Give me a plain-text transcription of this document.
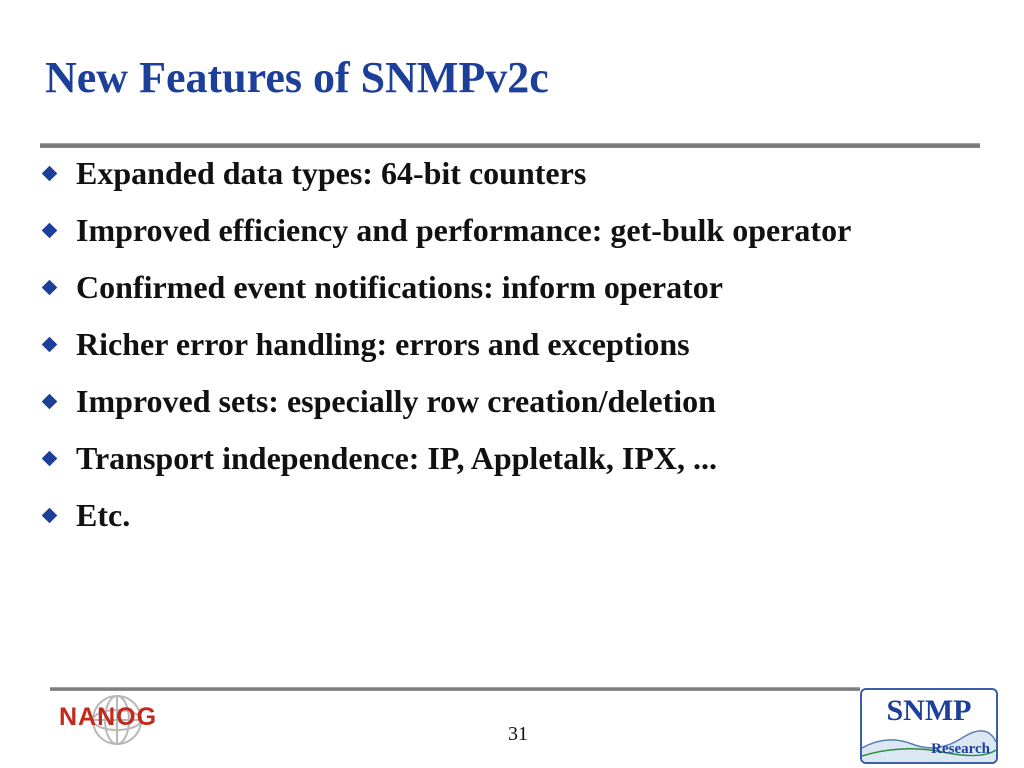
New Features of SNMPv2c
Expanded data types: 64-bit counters
Improved efficiency and performance: get-bulk operator
Confirmed event notifications: inform operator
Richer error handling: errors and exceptions
Improved sets: especially row creation/deletion
Transport independence: IP, Appletalk, IPX, ...
Etc.
NANOG
31
SNMP
Research
